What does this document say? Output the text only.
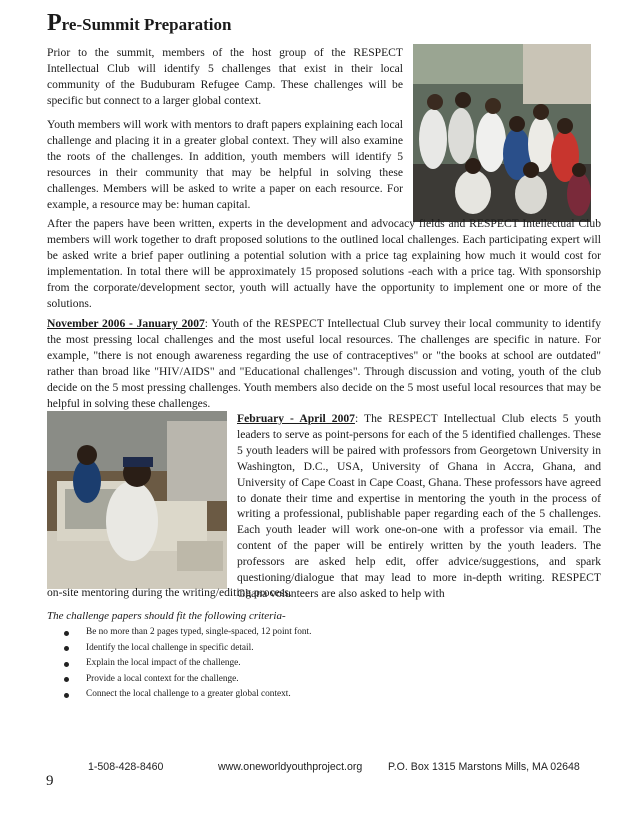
Pre-Summit Preparation

Prior to the summit, members of the host group of the RESPECT Intellectual Club will identify 5 challenges that exist in their local community of the Buduburam Refugee Camp. These challenges will be specific but connect to a larger global context.

Youth members will work with mentors to draft papers explaining each local challenge and placing it in a greater global context. They will also examine the roots of the challenges. In addition, youth members will identify 5 resources in their community that may be helpful in solving these challenges. Members will be asked to write a paper on each resource. For example, a resource may be: human capital.

After the papers have been written, experts in the development and advocacy fields and RESPECT Intellectual Club members will work together to draft proposed solutions to the outlined local challenges. Each participating expert will be asked write a brief paper outlining a potential solution with a price tag explaining how much it would cost for implementation. In total there will be approximately 15 proposed solutions -each with a price tag. With sponsorship from the corporate/development sector, youth will actually have the opportunity to implement one or more of the solutions.

November 2006 - January 2007: Youth of the RESPECT Intellectual Club survey their local community to identify the most pressing local challenges and the most useful local resources. The challenges are specific in nature. For example, "there is not enough awareness regarding the use of contraceptives" or "the books at school are outdated" rather than broad like "HIV/AIDS" and "Educational challenges". Through discussion and voting, youth of the club decide on the 5 most pressing challenges. Youth members also decide on the 5 most useful local resources that may be helpful in solving these challenges.

February - April 2007: The RESPECT Intellectual Club elects 5 youth leaders to serve as point-persons for each of the 5 identified challenges. These 5 youth leaders will be paired with professors from Georgetown University in Washington, D.C., USA, University of Ghana in Accra, Ghana, and University of Cape Coast in Cape Coast, Ghana. These professors have agreed to donate their time and expertise in mentoring the youth in the process of writing a professional, publishable paper regarding each of the 5 challenges. Each youth leader will work one-on-one with a professor via email. The content of the paper will be entirely written by the youth leaders. The professors are asked help edit, offer advice/suggestions, and spark questioning/dialogue that may lead to more in-depth writing. RESPECT Ghana volunteers are also asked to help with

on-site mentoring during the writing/editing process.

The challenge papers should fit the following criteria-
Be no more than 2 pages typed, single-spaced, 12 point font.
Identify the local challenge in specific detail.
Explain the local impact of the challenge.
Provide a local context for the challenge.
Connect the local challenge to a greater global context.
1-508-428-8460	www.oneworldyouthproject.org P.O. Box 1315 Marstons Mills, MA 02648
9
